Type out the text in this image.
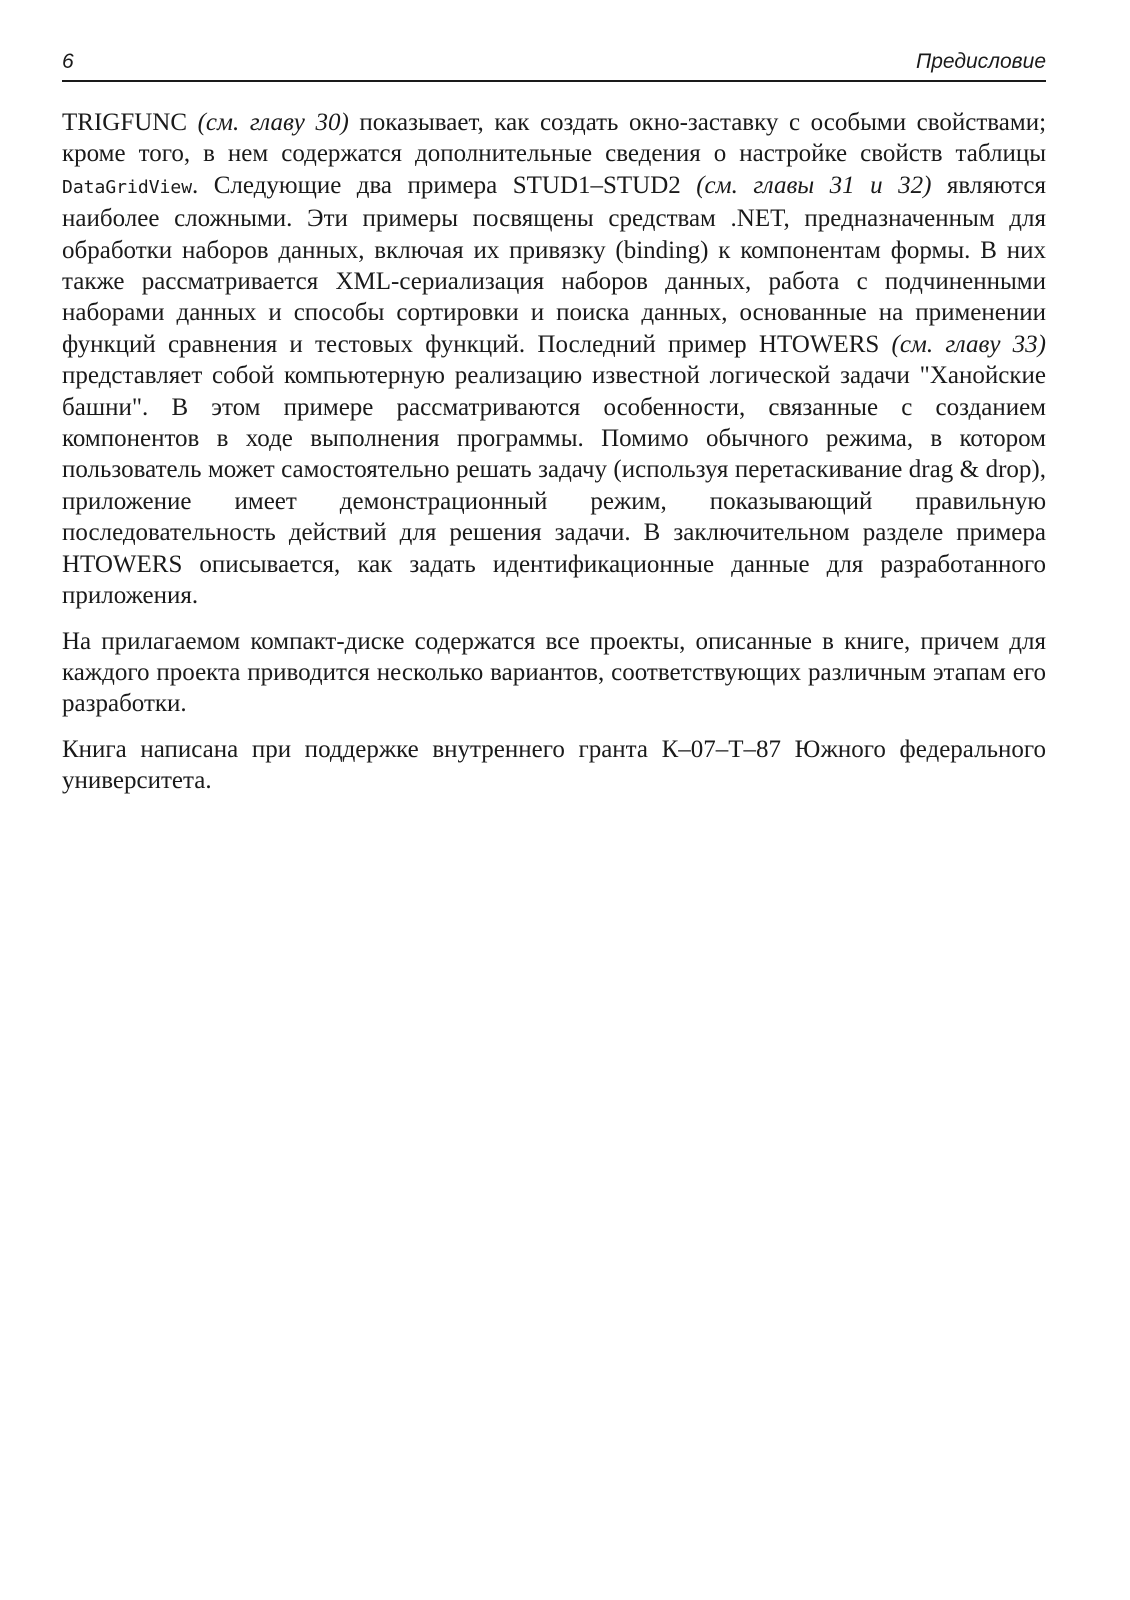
6	Предисловие

TRIGFUNC (см. главу 30) показывает, как создать окно-заставку с особыми свойствами; кроме того, в нем содержатся дополнительные сведения о настройке свойств таблицы DataGridView. Следующие два примера STUD1–STUD2 (см. главы 31 и 32) являются наиболее сложными. Эти примеры посвящены средствам .NET, предназначенным для обработки наборов данных, включая их привязку (binding) к компонентам формы. В них также рассматривается XML-сериализация наборов данных, работа с подчиненными наборами данных и способы сортировки и поиска данных, основанные на применении функций сравнения и тестовых функций. Последний пример HTOWERS (см. главу 33) представляет собой компьютерную реализацию известной логической задачи "Ханойские башни". В этом примере рассматриваются особенности, связанные с созданием компонентов в ходе выполнения программы. Помимо обычного режима, в котором пользователь может самостоятельно решать задачу (используя перетаскивание drag & drop), приложение имеет демонстрационный режим, показывающий правильную последовательность действий для решения задачи. В заключительном разделе примера HTOWERS описывается, как задать идентификационные данные для разработанного приложения.

На прилагаемом компакт-диске содержатся все проекты, описанные в книге, причем для каждого проекта приводится несколько вариантов, соответствующих различным этапам его разработки.

Книга написана при поддержке внутреннего гранта К–07–Т–87 Южного федерального университета.
